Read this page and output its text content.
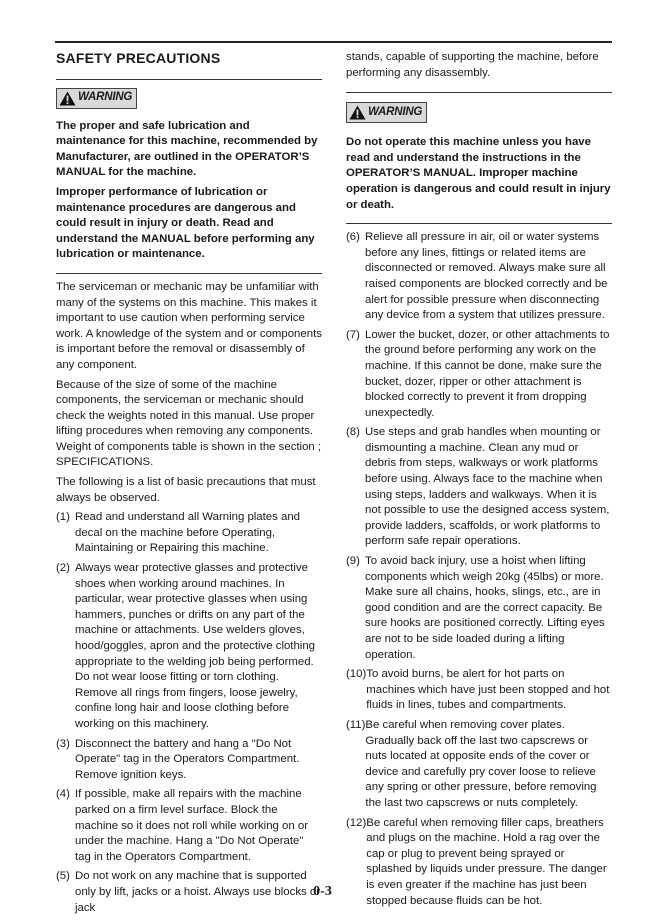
SAFETY PRECAUTIONS
WARNING

The proper and safe lubrication and maintenance for this machine, recommended by Manufacturer, are outlined in the OPERATOR’S MANUAL for the machine.

Improper performance of lubrication or maintenance procedures are dangerous and could result in injury or death. Read and understand the MANUAL before performing any lubrication or maintenance.

The serviceman or mechanic may be unfamiliar with many of the systems on this machine. This makes it important to use caution when performing service work. A knowledge of the system and or components is important before the removal or disassembly of any component.

Because of the size of some of the machine components, the serviceman or mechanic should check the weights noted in this manual. Use proper lifting procedures when removing any components. Weight of components table is shown in the section ; SPECIFICATIONS.

The following is a list of basic precautions that must always be observed.

(1) Read and understand all Warning plates and decal on the machine before Operating, Maintaining or Repairing this machine.
(2) Always wear protective glasses and protective shoes when working around machines. In particular, wear protective glasses when using hammers, punches or drifts on any part of the machine or attachments. Use welders gloves, hood/goggles, apron and the protective clothing appropriate to the welding job being performed. Do not wear loose fitting or torn clothing. Remove all rings from fingers, loose jewelry, confine long hair and loose clothing before working on this machinery.
(3) Disconnect the battery and hang a "Do Not Operate" tag in the Operators Compartment. Remove ignition keys.
(4) If possible, make all repairs with the machine parked on a firm level surface. Block the machine so it does not roll while working on or under the machine. Hang a "Do Not Operate" tag in the Operators Compartment.
(5) Do not work on any machine that is supported only by lift, jacks or a hoist. Always use blocks or jack

stands, capable of supporting the machine, before performing any disassembly.

WARNING

Do not operate this machine unless you have read and understand the instructions in the OPERATOR’S MANUAL. Improper machine operation is dangerous and could result in injury or death.

(6) Relieve all pressure in air, oil or water systems before any lines, fittings or related items are disconnected or removed. Always make sure all raised components are blocked correctly and be alert for possible pressure when disconnecting any device from a system that utilizes pressure.
(7) Lower the bucket, dozer, or other attachments to the ground before performing any work on the machine. If this cannot be done, make sure the bucket, dozer, ripper or other attachment is blocked correctly to prevent it from dropping unexpectedly.
(8) Use steps and grab handles when mounting or dismounting a machine. Clean any mud or debris from steps, walkways or work platforms before using. Always face to the machine when using steps, ladders and walkways. When it is not possible to use the designed access system, provide ladders, scaffolds, or work platforms to perform safe repair operations.
(9) To avoid back injury, use a hoist when lifting components which weigh 20kg (45lbs) or more. Make sure all chains, hooks, slings, etc., are in good condition and are the correct capacity. Be sure hooks are positioned correctly. Lifting eyes are not to be side loaded during a lifting operation.
(10) To avoid burns, be alert for hot parts on machines which have just been stopped and hot fluids in lines, tubes and compartments.
(11) Be careful when removing cover plates. Gradually back off the last two capscrews or nuts located at opposite ends of the cover or device and carefully pry cover loose to relieve any spring or other pressure, before removing the last two capscrews or nuts completely.
(12) Be careful when removing filler caps, breathers and plugs on the machine. Hold a rag over the cap or plug to prevent being sprayed or splashed by liquids under pressure. The danger is even greater if the machine has just been stopped because fluids can be hot.
0-3
